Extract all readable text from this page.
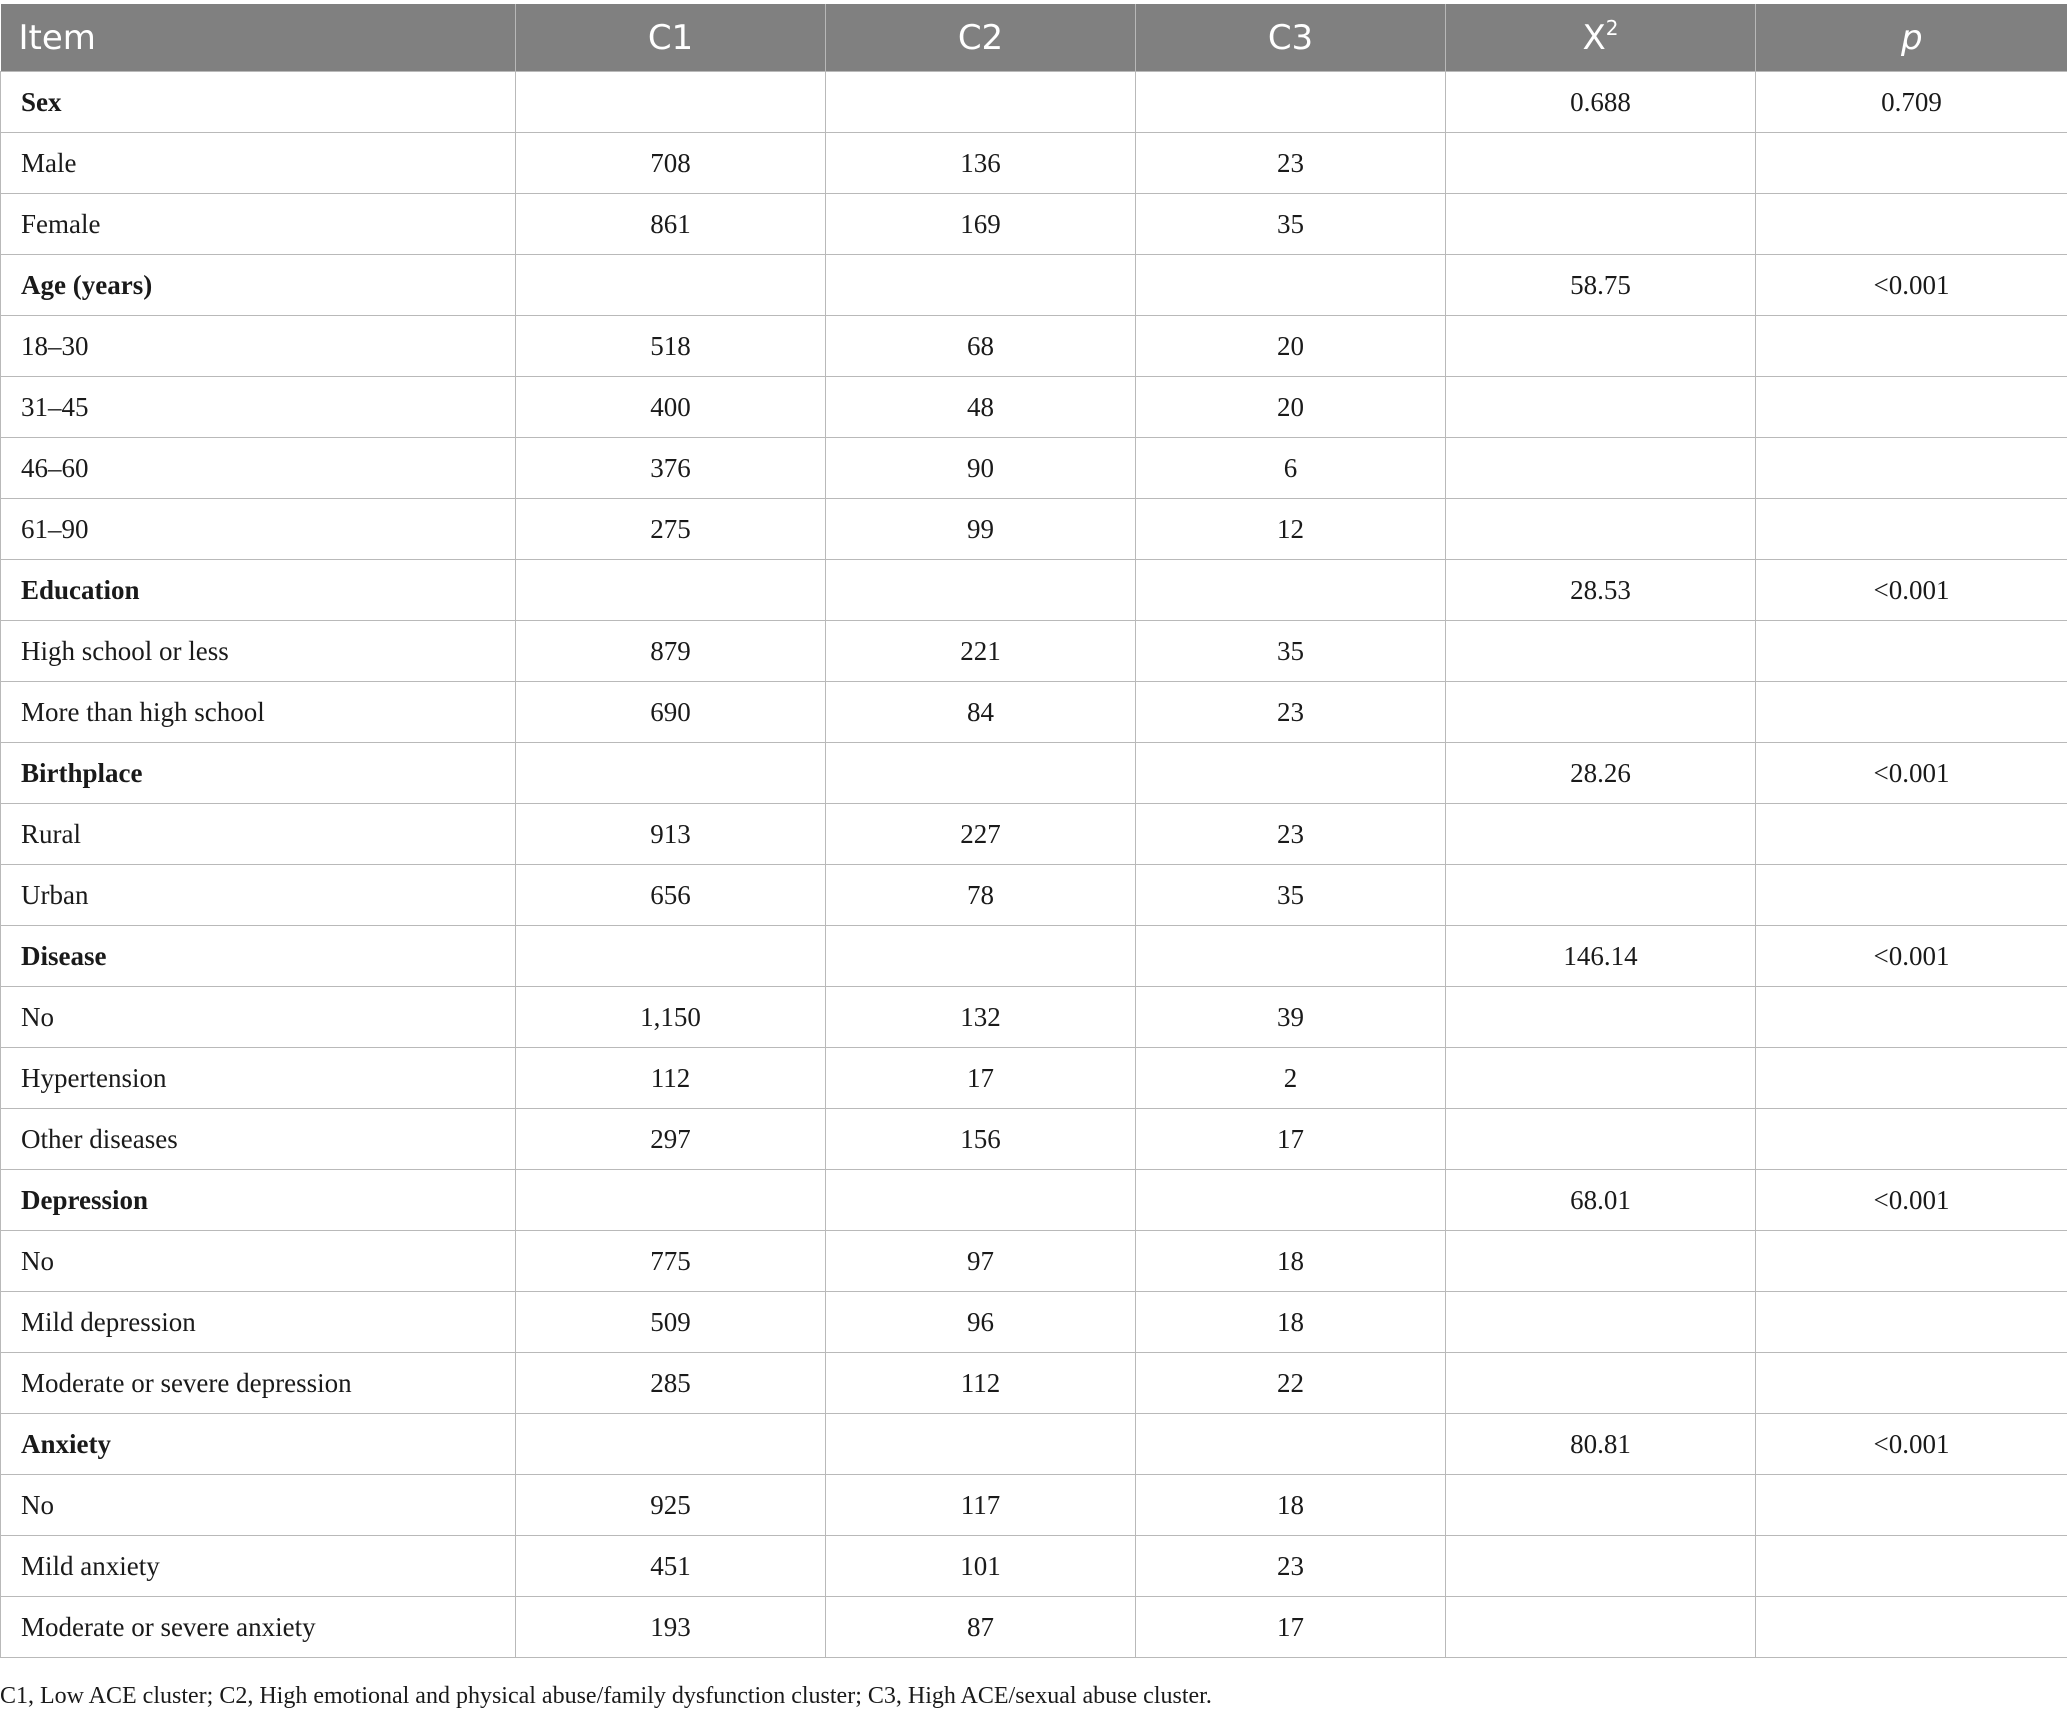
Item	C1	C2	C3	$X^2$	p
Sex				0.688	0.709
Male	708	136	23		
Female	861	169	35		
Age (years)				58.75	<0.001
18–30	518	68	20		
31–45	400	48	20		
46–60	376	90	6		
61–90	275	99	12		
Education				28.53	<0.001
High school or less	879	221	35		
More than high school	690	84	23		
Birthplace				28.26	<0.001
Rural	913	227	23		
Urban	656	78	35		
Disease				146.14	<0.001
No	1,150	132	39		
Hypertension	112	17	2		
Other diseases	297	156	17		
Depression				68.01	<0.001
No	775	97	18		
Mild depression	509	96	18		
Moderate or severe depression	285	112	22		
Anxiety				80.81	<0.001
No	925	117	18		
Mild anxiety	451	101	23		
Moderate or severe anxiety	193	87	17		
C1, Low ACE cluster; C2, High emotional and physical abuse/family dysfunction cluster; C3, High ACE/sexual abuse cluster.
